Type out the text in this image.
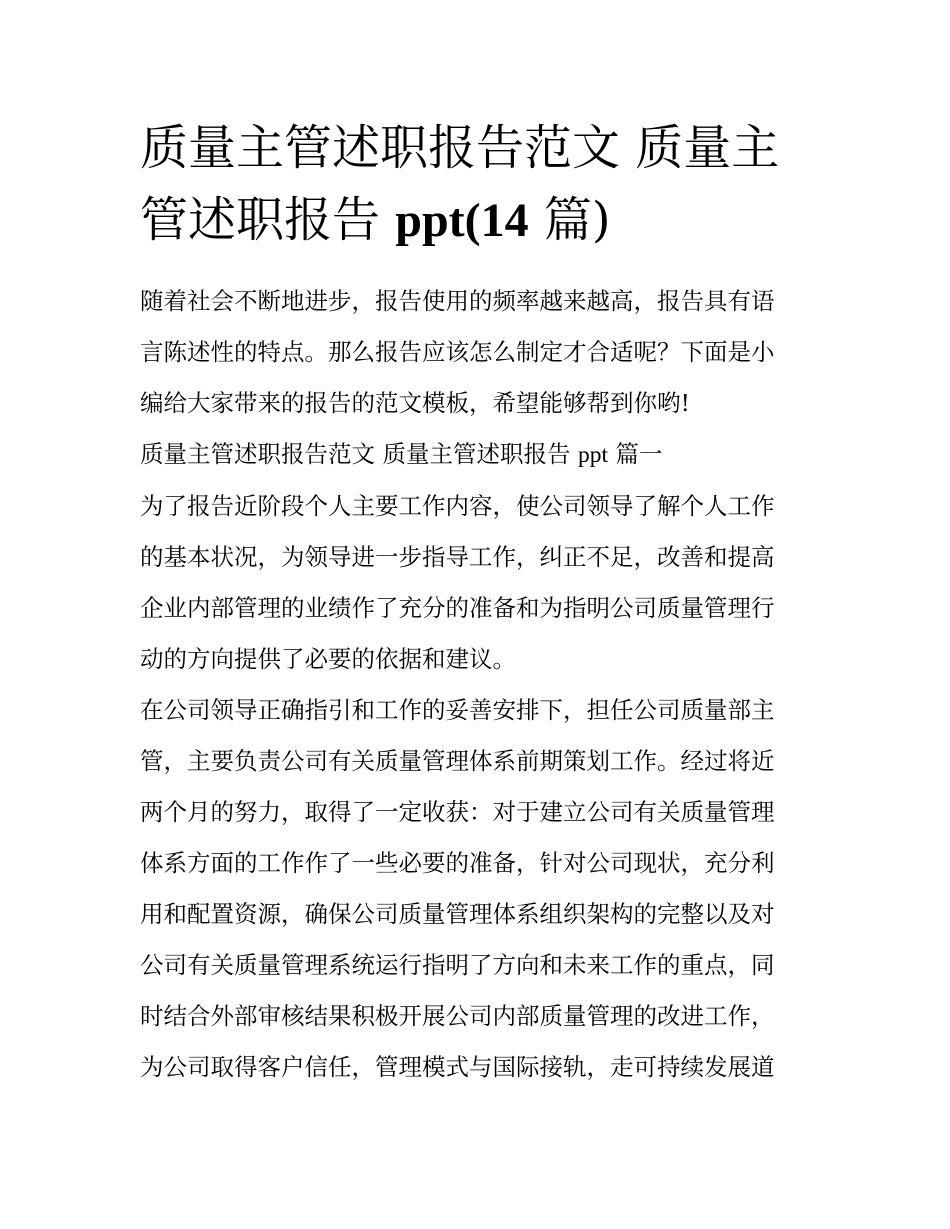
质量主管述职报告范文 质量主
管述职报告 ppt(14 篇)

随着社会不断地进步，报告使用的频率越来越高，报告具有语
言陈述性的特点。那么报告应该怎么制定才合适呢？下面是小
编给大家带来的报告的范文模板，希望能够帮到你哟!

质量主管述职报告范文 质量主管述职报告 ppt 篇一

为了报告近阶段个人主要工作内容，使公司领导了解个人工作
的基本状况，为领导进一步指导工作，纠正不足，改善和提高
企业内部管理的业绩作了充分的准备和为指明公司质量管理行
动的方向提供了必要的依据和建议。

在公司领导正确指引和工作的妥善安排下，担任公司质量部主
管，主要负责公司有关质量管理体系前期策划工作。经过将近
两个月的努力，取得了一定收获：对于建立公司有关质量管理
体系方面的工作作了一些必要的准备，针对公司现状，充分利
用和配置资源，确保公司质量管理体系组织架构的完整以及对
公司有关质量管理系统运行指明了方向和未来工作的重点，同
时结合外部审核结果积极开展公司内部质量管理的改进工作，
为公司取得客户信任，管理模式与国际接轨，走可持续发展道
